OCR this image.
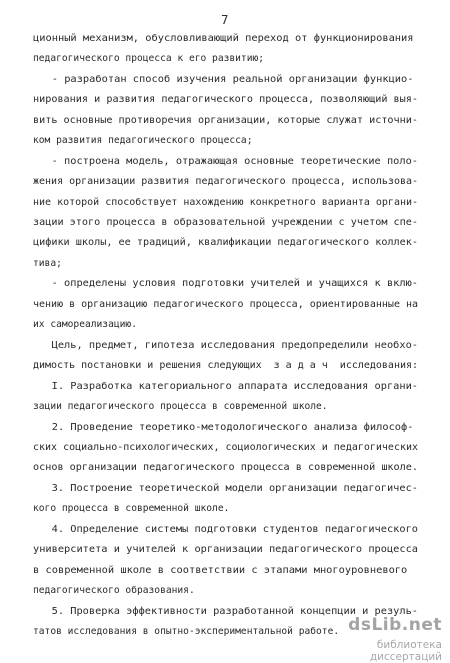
7
ционный механизм, обусловливающий переход от функционирования
педагогического процесса к его развитию;
- разработан способ изучения реальной организации функцио-
нирования и развития педагогического процесса, позволяющий выя-
вить основные противоречия организации, которые служат источни-
ком развития педагогического процесса;
- построена модель, отражающая основные теоретические поло-
жения организации развития педагогического процесса, использова-
ние которой способствует нахождению конкретного варианта органи-
зации этого процесса в образовательной учреждении с учетом спе-
цифики школы, ее традиций, квалификации педагогического коллек-
тива;
- определены условия подготовки учителей и учащихся к вклю-
чению в организацию педагогического процесса, ориентированные на
их самореализацию.
Цель, предмет, гипотеза исследования предопределили необхо-
димость постановки и решения следующих  з а д а ч  исследования:
I. Разработка категориального аппарата исследования органи-
зации педагогического процесса в современной школе.
2. Проведение теоретико-методологического анализа философ-
ских социально-психологических, социологических и педагогических
основ организации педагогического процесса в современной школе.
3. Построение теоретической модели организации педагогичес-
кого процесса в современной школе.
4. Определение системы подготовки студентов педагогического
университета и учителей к организации педагогического процесса
в современной школе в соответствии с этапами многоуровневого
педагогического образования.
5. Проверка эффективности разработанной концепции и резуль-
татов исследования в опытно-экспериментальной работе. dsLib.net
библиотека диссертаций
